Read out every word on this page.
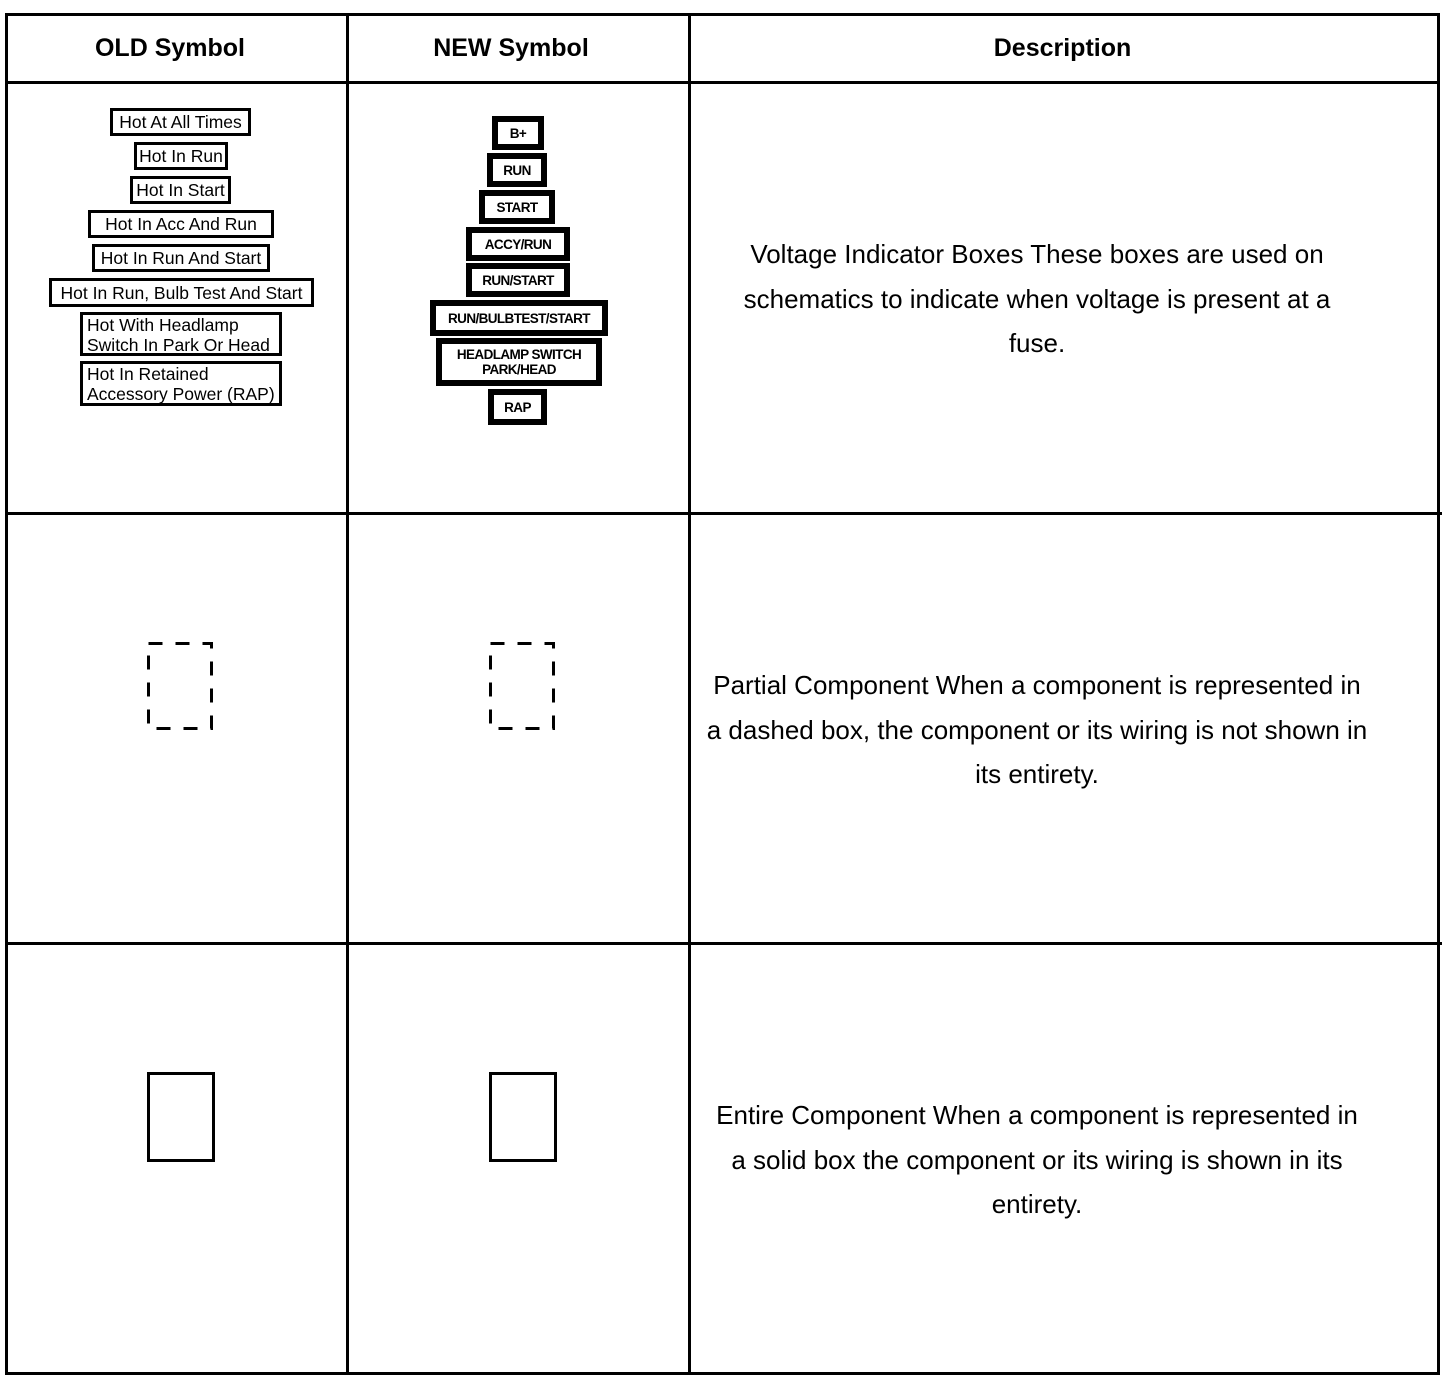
OLD Symbol	NEW Symbol	Description
Hot At All Times
Hot In Run
Hot In Start
Hot In Acc And Run
Hot In Run And Start
Hot In Run, Bulb Test And Start
Hot With Headlamp
Switch In Park Or Head
Hot In Retained
Accessory Power (RAP)
B+
RUN
START
ACCY/RUN
RUN/START
RUN/BULBTEST/START
HEADLAMP SWITCH
PARK/HEAD
RAP
Voltage Indicator Boxes These boxes are used on schematics to indicate when voltage is present at a fuse.
Partial Component When a component is represented in a dashed box, the component or its wiring is not shown in its entirety.
Entire Component When a component is represented in a solid box the component or its wiring is shown in its entirety.
